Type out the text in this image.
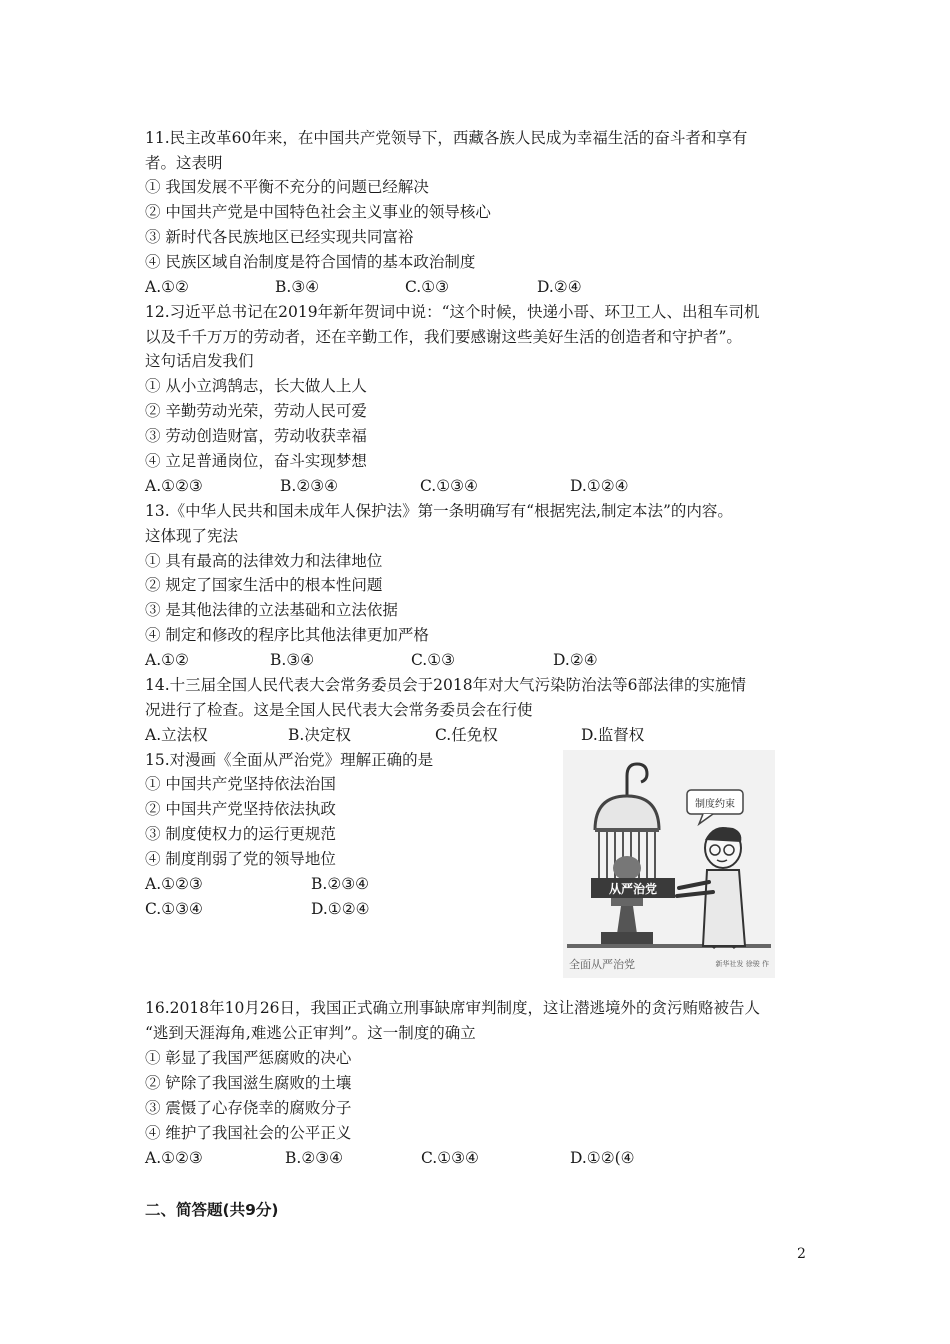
11.民主改革60年来，在中国共产党领导下，西藏各族人民成为幸福生活的奋斗者和享有
者。这表明
① 我国发展不平衡不充分的问题已经解决
② 中国共产党是中国特色社会主义事业的领导核心
③ 新时代各民族地区已经实现共同富裕
④ 民族区域自治制度是符合国情的基本政治制度
A.①②	B.③④	C.①③	D.②④
12.习近平总书记在2019年新年贺词中说：“这个时候，快递小哥、环卫工人、出租车司机
以及千千万万的劳动者，还在辛勤工作，我们要感谢这些美好生活的创造者和守护者”。
这句话启发我们
① 从小立鸿鹄志，长大做人上人
② 辛勤劳动光荣，劳动人民可爱
③ 劳动创造财富，劳动收获幸福
④ 立足普通岗位，奋斗实现梦想
A.①②③	B.②③④	C.①③④	D.①②④
13.《中华人民共和国未成年人保护法》第一条明确写有“根据宪法,制定本法”的内容。
这体现了宪法
① 具有最高的法律效力和法律地位
② 规定了国家生活中的根本性问题
③ 是其他法律的立法基础和立法依据
④ 制定和修改的程序比其他法律更加严格
A.①②	B.③④	C.①③	D.②④
14.十三届全国人民代表大会常务委员会于2018年对大气污染防治法等6部法律的实施情
况进行了检查。这是全国人民代表大会常务委员会在行使
A.立法权	B.决定权	C.任免权	D.监督权
15.对漫画《全面从严治党》理解正确的是
① 中国共产党坚持依法治国
② 中国共产党坚持依法执政
③ 制度使权力的运行更规范
④ 制度削弱了党的领导地位
A.①②③	B.②③④
C.①③④	D.①②④
从严治党
制度约束
全面从严治党	新华社发 徐骏 作
16.2018年10月26日，我国正式确立刑事缺席审判制度，这让潜逃境外的贪污贿赂被告人
“逃到天涯海角,难逃公正审判”。这一制度的确立
① 彰显了我国严惩腐败的决心
② 铲除了我国滋生腐败的土壤
③ 震慑了心存侥幸的腐败分子
④ 维护了我国社会的公平正义
A.①②③	B.②③④	C.①③④	D.①②(④
二、简答题(共9分)
2
